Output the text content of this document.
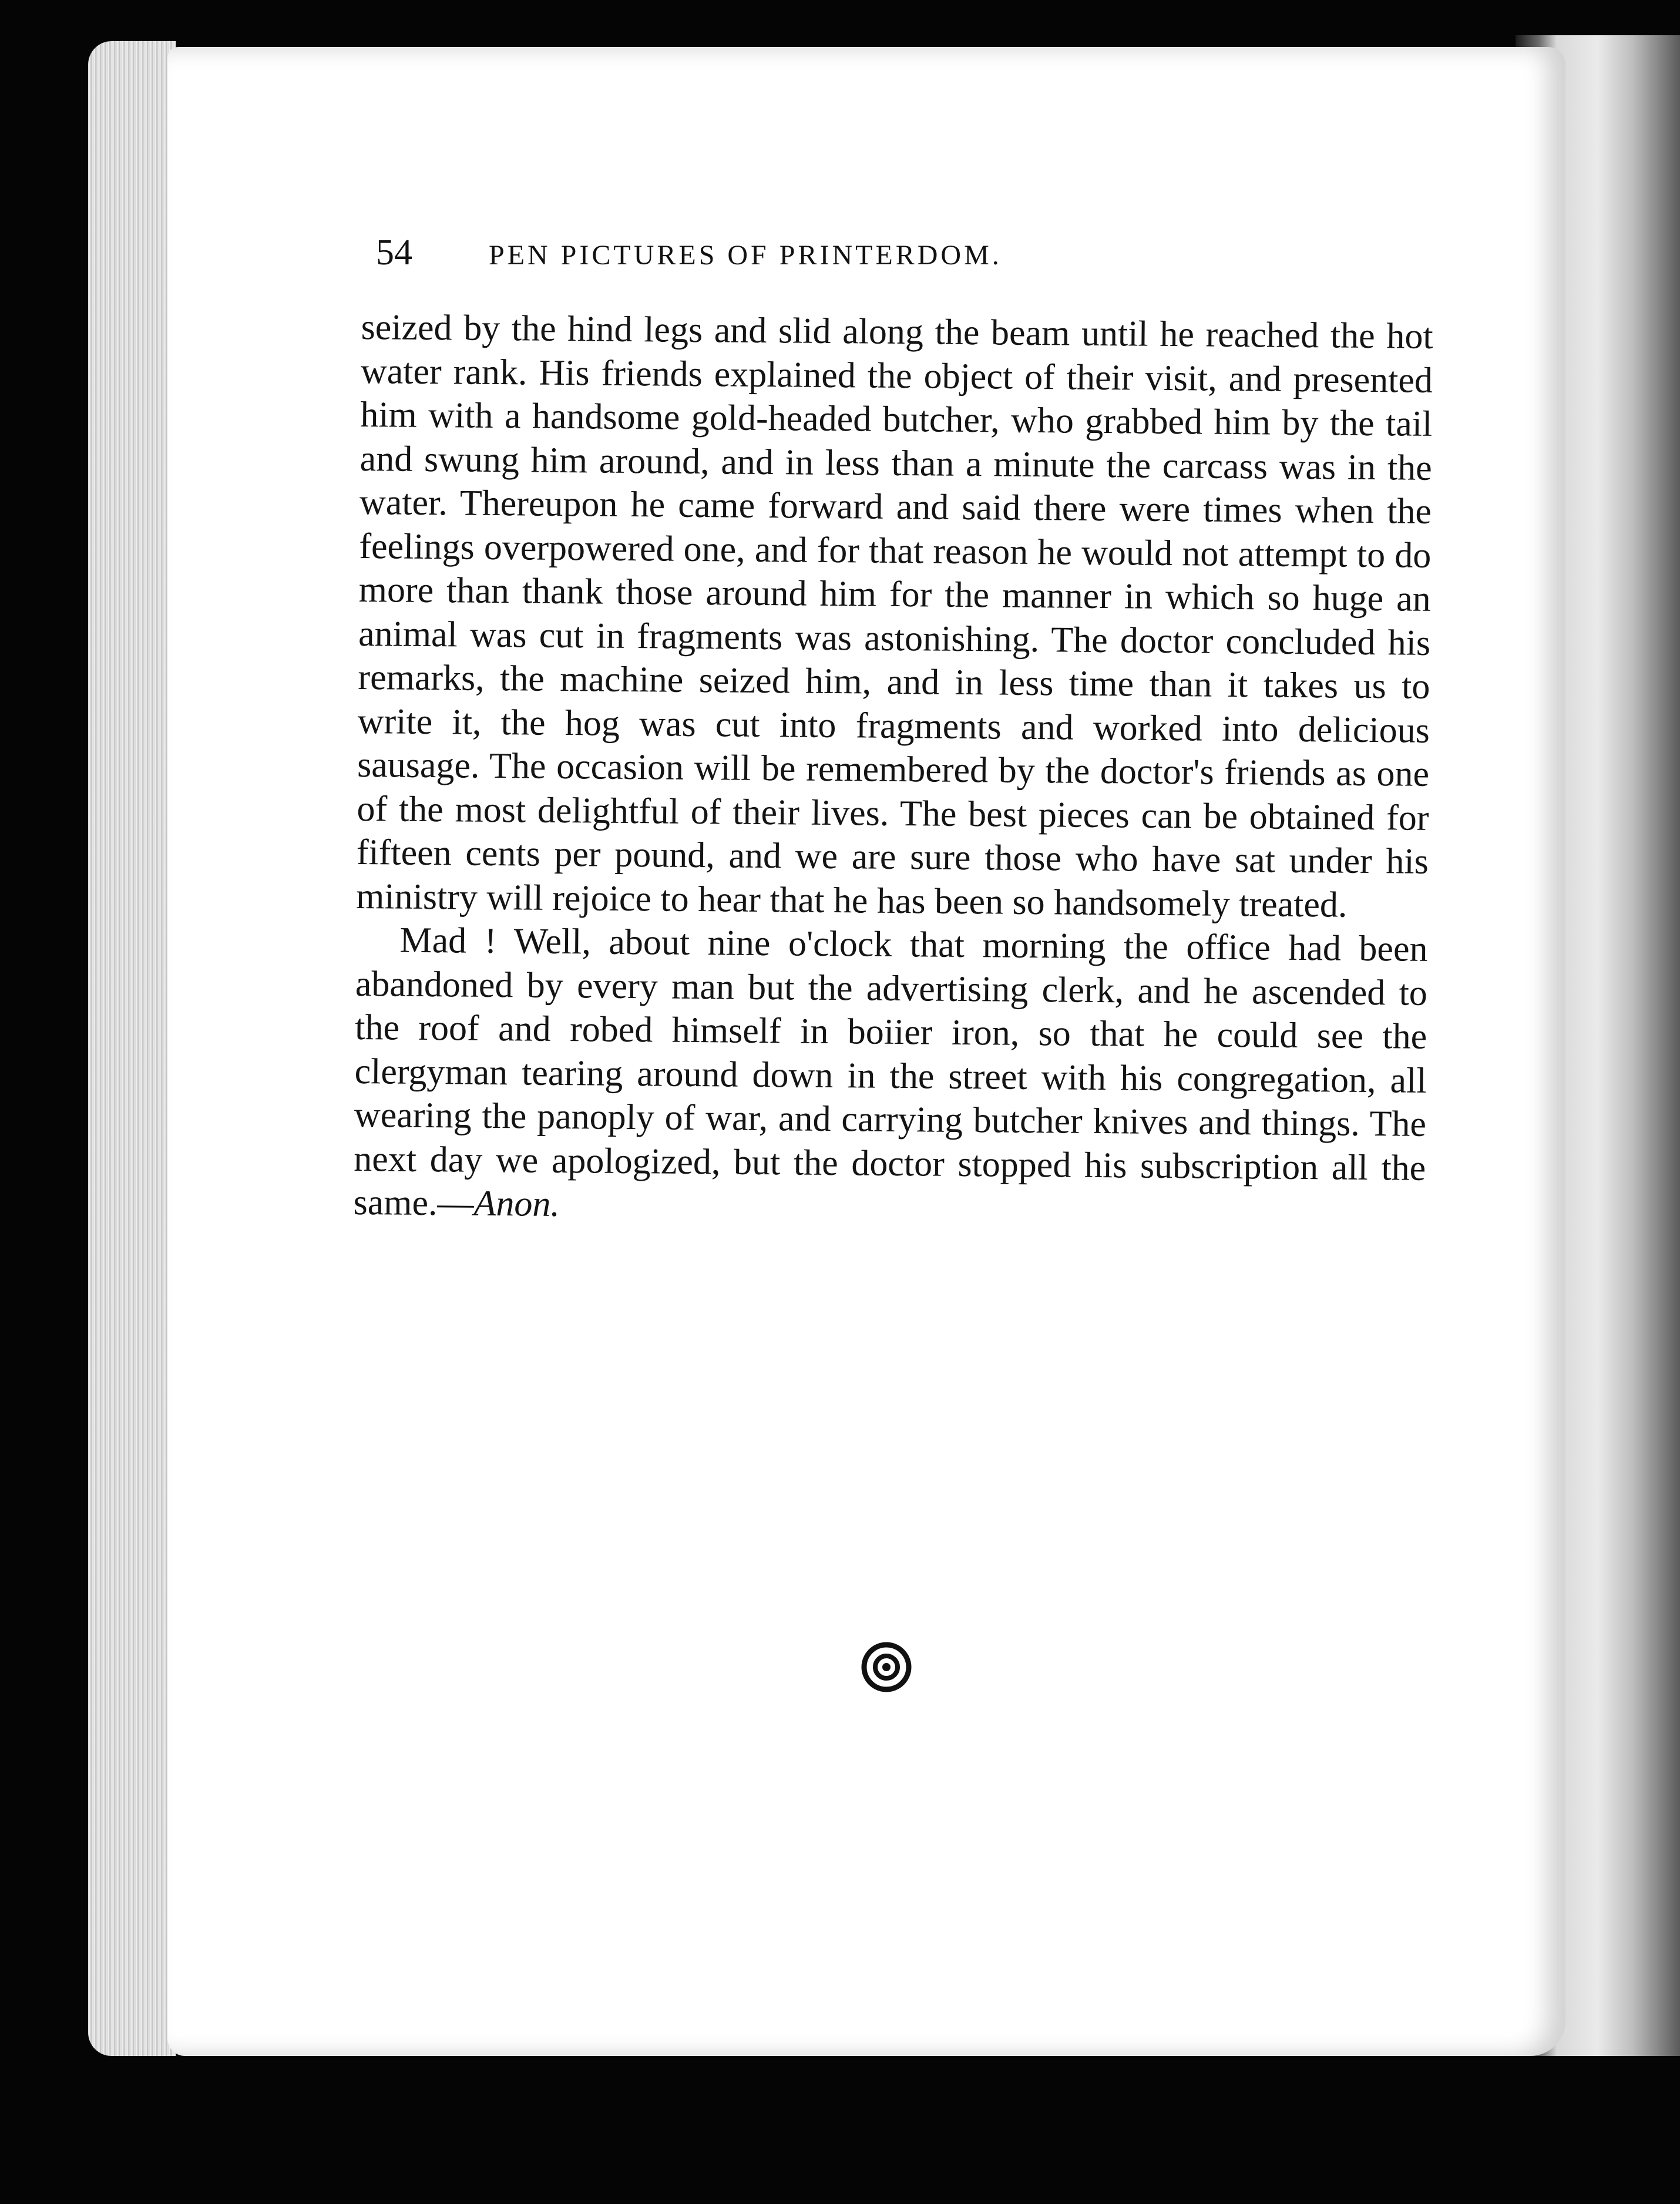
54	PEN PICTURES OF PRINTERDOM.

seized by the hind legs and slid along the beam until he reached the hot water rank. His friends explained the object of their visit, and presented him with a handsome gold-headed butcher, who grabbed him by the tail and swung him around, and in less than a minute the carcass was in the water. Thereupon he came forward and said there were times when the feelings overpowered one, and for that reason he would not attempt to do more than thank those around him for the manner in which so huge an animal was cut in fragments was astonishing. The doctor concluded his remarks, the machine seized him, and in less time than it takes us to write it, the hog was cut into fragments and worked into delicious sausage. The occasion will be remembered by the doctor's friends as one of the most delightful of their lives. The best pieces can be obtained for fifteen cents per pound, and we are sure those who have sat under his ministry will rejoice to hear that he has been so handsomely treated.

Mad ! Well, about nine o'clock that morning the office had been abandoned by every man but the advertising clerk, and he ascended to the roof and robed himself in boiier iron, so that he could see the clergyman tearing around down in the street with his congregation, all wearing the panoply of war, and carrying butcher knives and things. The next day we apologized, but the doctor stopped his subscription all the same.—Anon.
